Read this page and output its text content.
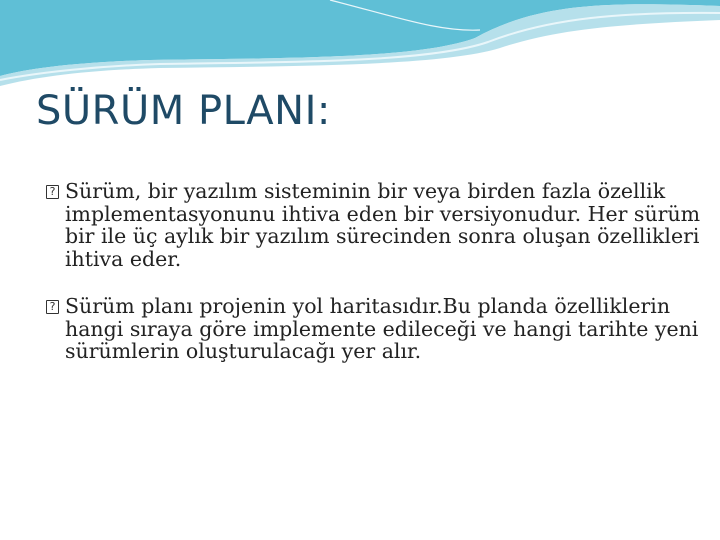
SÜRÜM PLANI:

?
Sürüm, bir yazılım sisteminin bir veya birden fazla özellik implementasyonunu ihtiva eden bir versiyonudur. Her sürüm bir ile üç aylık bir yazılım sürecinden sonra oluşan özellikleri ihtiva eder.

?
Sürüm planı projenin yol haritasıdır.Bu planda özelliklerin hangi sıraya göre implemente edileceği ve hangi tarihte yeni sürümlerin oluşturulacağı yer alır.
